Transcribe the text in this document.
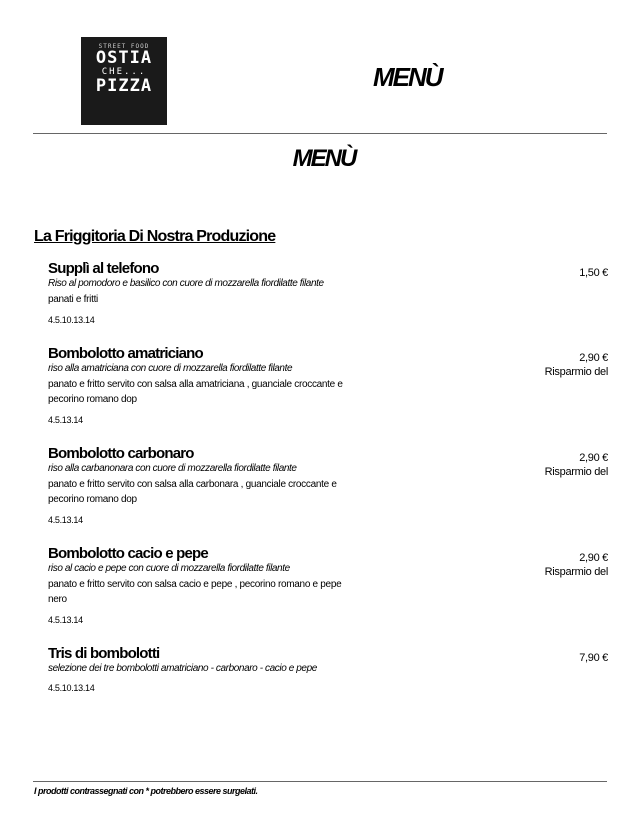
STREET FOOD
OSTIA
CHE...
PIZZA	MENÙ
MENÙ
La Friggitoria Di Nostra Produzione
Supplì al telefono
Riso al pomodoro e basilico con cuore di mozzarella fiordilatte filante
panati e fritti
4.5.10.13.14
1,50 €
Bombolotto amatriciano
riso alla amatriciana con cuore di mozzarella fiordilatte filante
panato e fritto servito con salsa alla amatriciana , guanciale croccante e pecorino romano dop
4.5.13.14
2,90 €
Risparmio del
Bombolotto carbonaro
riso alla carbanonara con cuore di mozzarella fiordilatte filante
panato e fritto servito con salsa alla carbonara , guanciale croccante e pecorino romano dop
4.5.13.14
2,90 €
Risparmio del
Bombolotto cacio e pepe
riso al cacio e pepe con cuore di mozzarella fiordilatte filante
panato e fritto servito con salsa cacio e pepe , pecorino romano e pepe nero
4.5.13.14
2,90 €
Risparmio del
Tris di bombolotti
selezione dei tre bombolotti amatriciano - carbonaro - cacio e pepe
4.5.10.13.14
7,90 €
I prodotti contrassegnati con * potrebbero essere surgelati.
